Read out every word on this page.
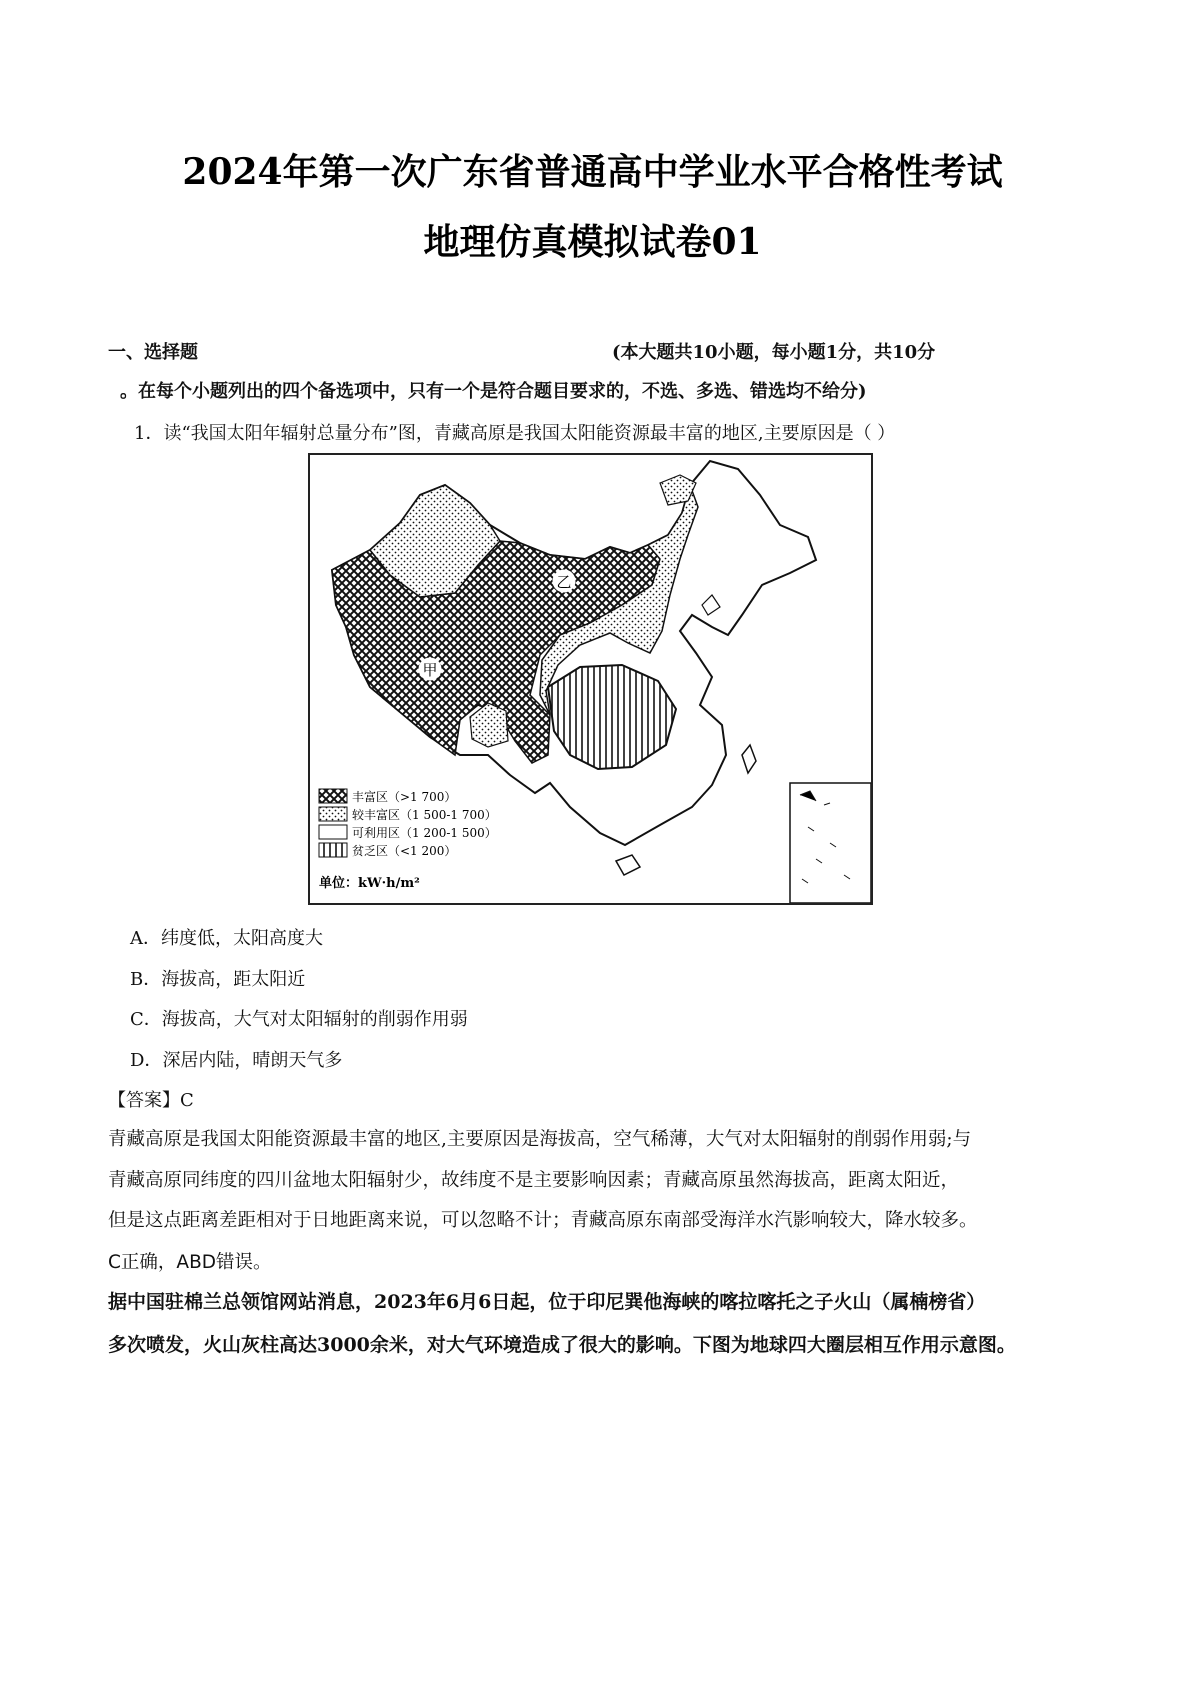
2024年第一次广东省普通高中学业水平合格性考试
地理仿真模拟试卷01
一、选择题	(本大题共10小题，每小题1分，共10分
。在每个小题列出的四个备选项中，只有一个是符合题目要求的，不选、多选、错选均不给分)
1．读“我国太阳年辐射总量分布”图，青藏高原是我国太阳能资源最丰富的地区,主要原因是（ ）
甲
乙
丰富区（>1 700）
较丰富区（1 500-1 700）
可利用区（1 200-1 500）
贫乏区（<1 200）
单位：kW·h/m²
A．纬度低，太阳高度大
B．海拔高，距太阳近
C．海拔高，大气对太阳辐射的削弱作用弱
D．深居内陆，晴朗天气多
【答案】C
青藏高原是我国太阳能资源最丰富的地区,主要原因是海拔高，空气稀薄，大气对太阳辐射的削弱作用弱;与
青藏高原同纬度的四川盆地太阳辐射少，故纬度不是主要影响因素；青藏高原虽然海拔高，距离太阳近，
但是这点距离差距相对于日地距离来说，可以忽略不计；青藏高原东南部受海洋水汽影响较大，降水较多。
C正确，ABD错误。
据中国驻棉兰总领馆网站消息，2023年6月6日起，位于印尼巽他海峡的喀拉喀托之子火山（属楠榜省）
多次喷发，火山灰柱高达3000余米，对大气环境造成了很大的影响。下图为地球四大圈层相互作用示意图。
